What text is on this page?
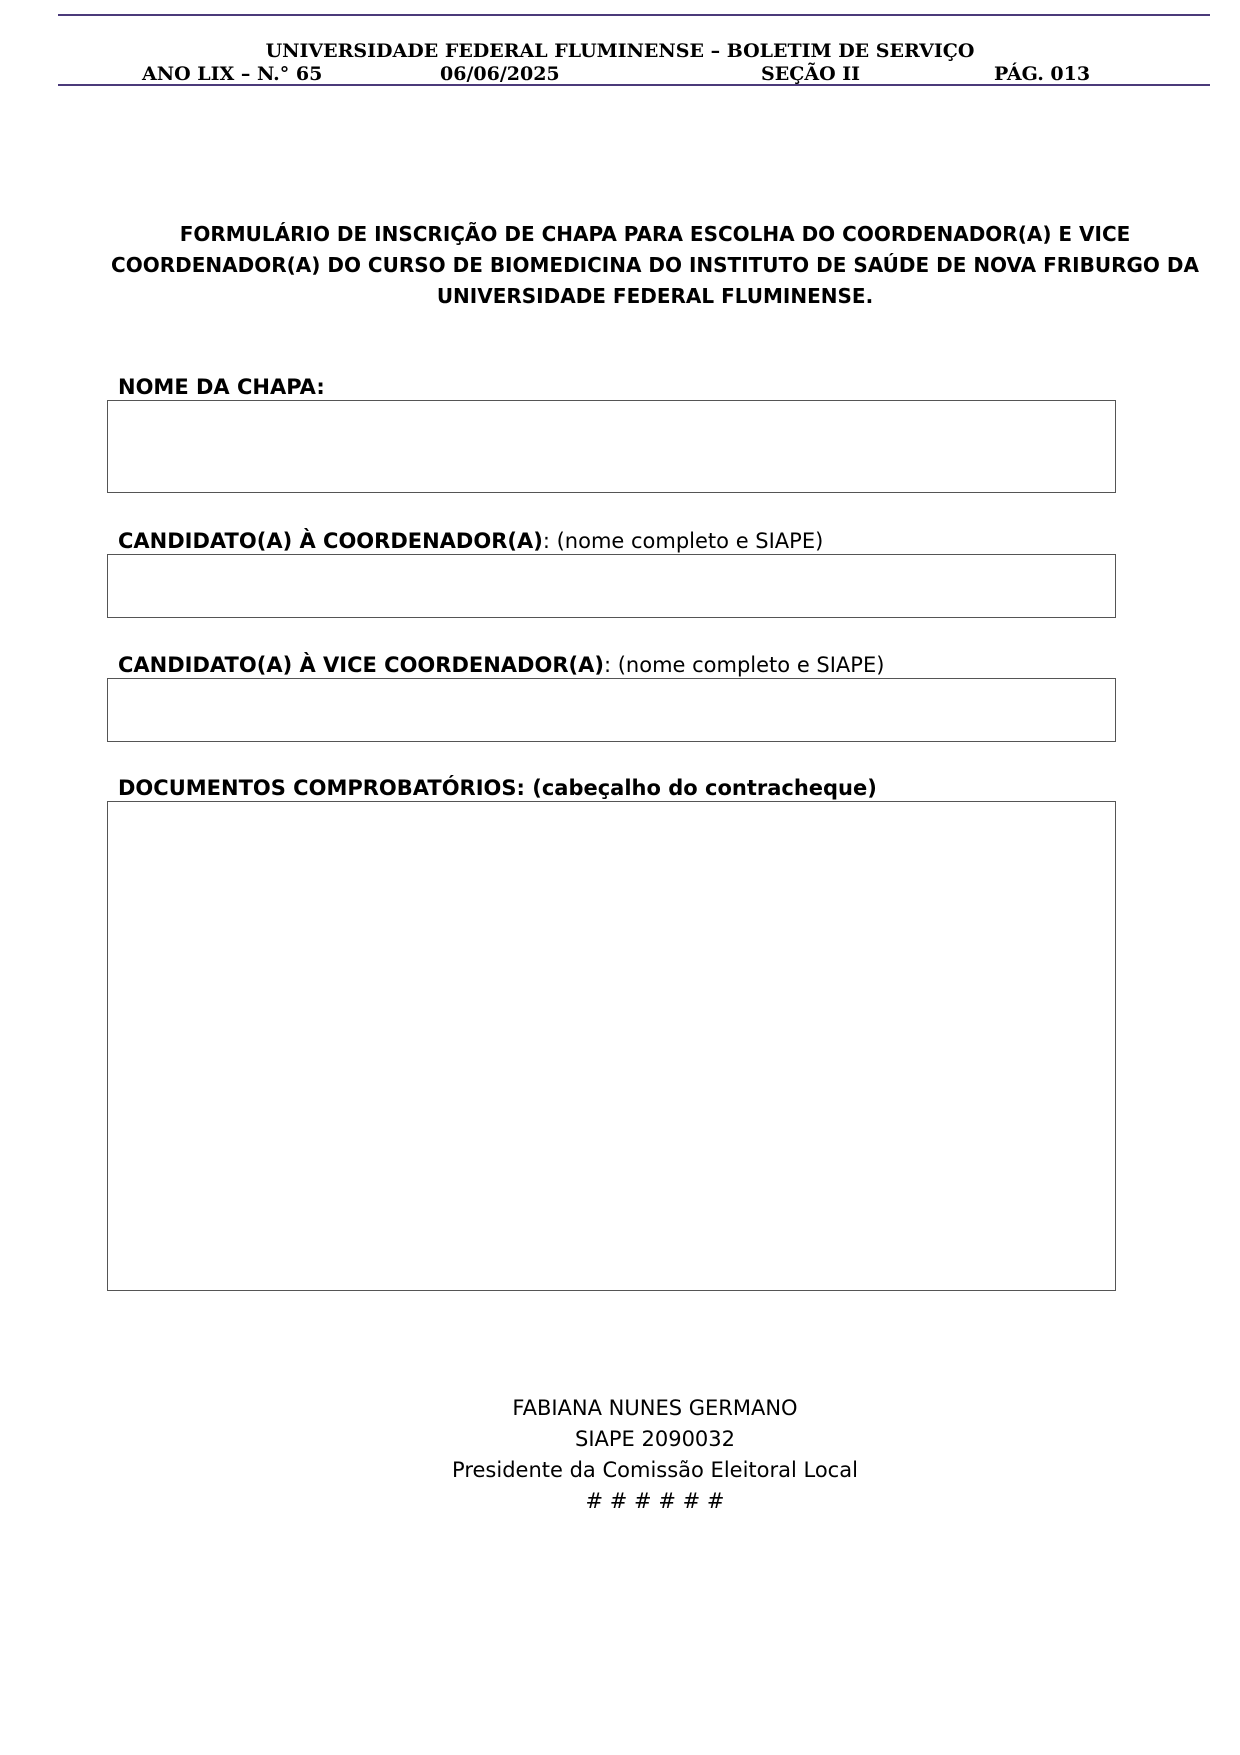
UNIVERSIDADE FEDERAL FLUMINENSE – BOLETIM DE SERVIÇO
ANO LIX – N.° 65	06/06/2025	SEÇÃO II	PÁG. 013
FORMULÁRIO DE INSCRIÇÃO DE CHAPA PARA ESCOLHA DO COORDENADOR(A) E VICE COORDENADOR(A) DO CURSO DE BIOMEDICINA DO INSTITUTO DE SAÚDE DE NOVA FRIBURGO DA UNIVERSIDADE FEDERAL FLUMINENSE.
NOME DA CHAPA:
CANDIDATO(A) À COORDENADOR(A): (nome completo e SIAPE)
CANDIDATO(A) À VICE COORDENADOR(A): (nome completo e SIAPE)
DOCUMENTOS COMPROBATÓRIOS: (cabeçalho do contracheque)
FABIANA NUNES GERMANO
SIAPE 2090032
Presidente da Comissão Eleitoral Local
# # # # # #
